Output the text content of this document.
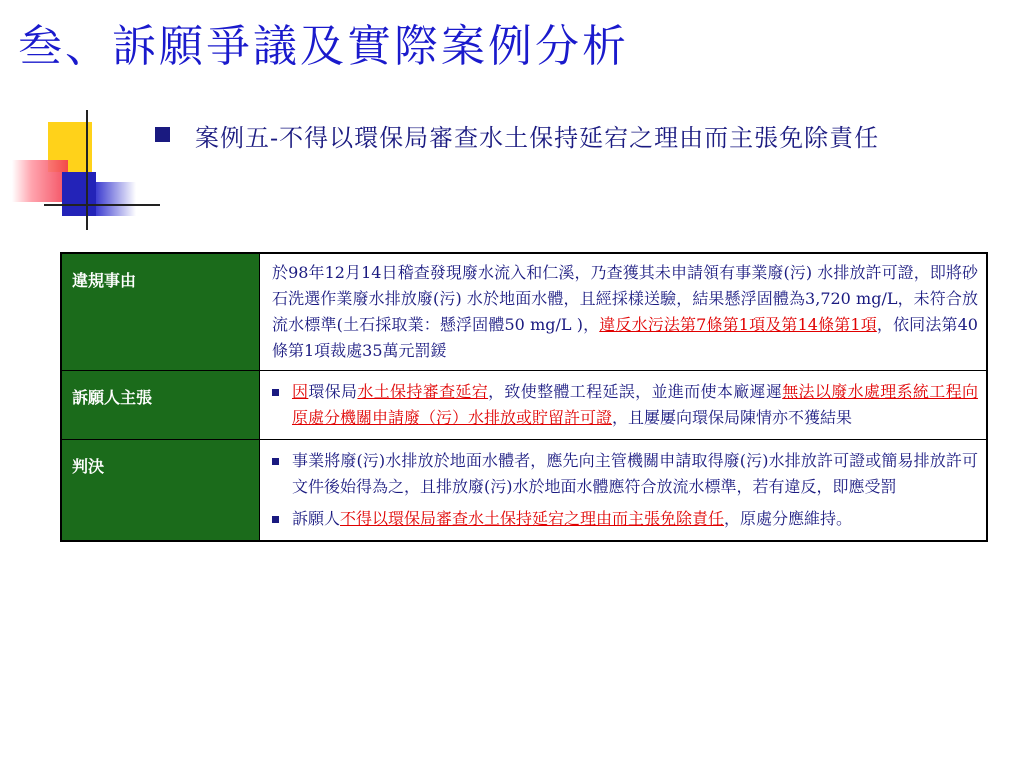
叁、訴願爭議及實際案例分析
案例五-不得以環保局審查水土保持延宕之理由而主張免除責任
違規事由	於98年12月14日稽查發現廢水流入和仁溪，乃查獲其未申請領有事業廢(污) 水排放許可證，即將砂石洗選作業廢水排放廢(污) 水於地面水體，且經採樣送驗，結果懸浮固體為3,720 mg/L，未符合放流水標準(土石採取業：懸浮固體50 mg/L )，違反水污法第7條第1項及第14條第1項，依同法第40條第1項裁處35萬元罰鍰
訴願人主張	因環保局水土保持審查延宕，致使整體工程延誤，並進而使本廠遲遲無法以廢水處理系統工程向原處分機關申請廢（污）水排放或貯留許可證，且屢屢向環保局陳情亦不獲結果

判決	事業將廢(污)水排放於地面水體者，應先向主管機關申請取得廢(污)水排放許可證或簡易排放許可文件後始得為之，且排放廢(污)水於地面水體應符合放流水標準，若有違反，即應受罰
訴願人不得以環保局審查水土保持延宕之理由而主張免除責任，原處分應維持。
